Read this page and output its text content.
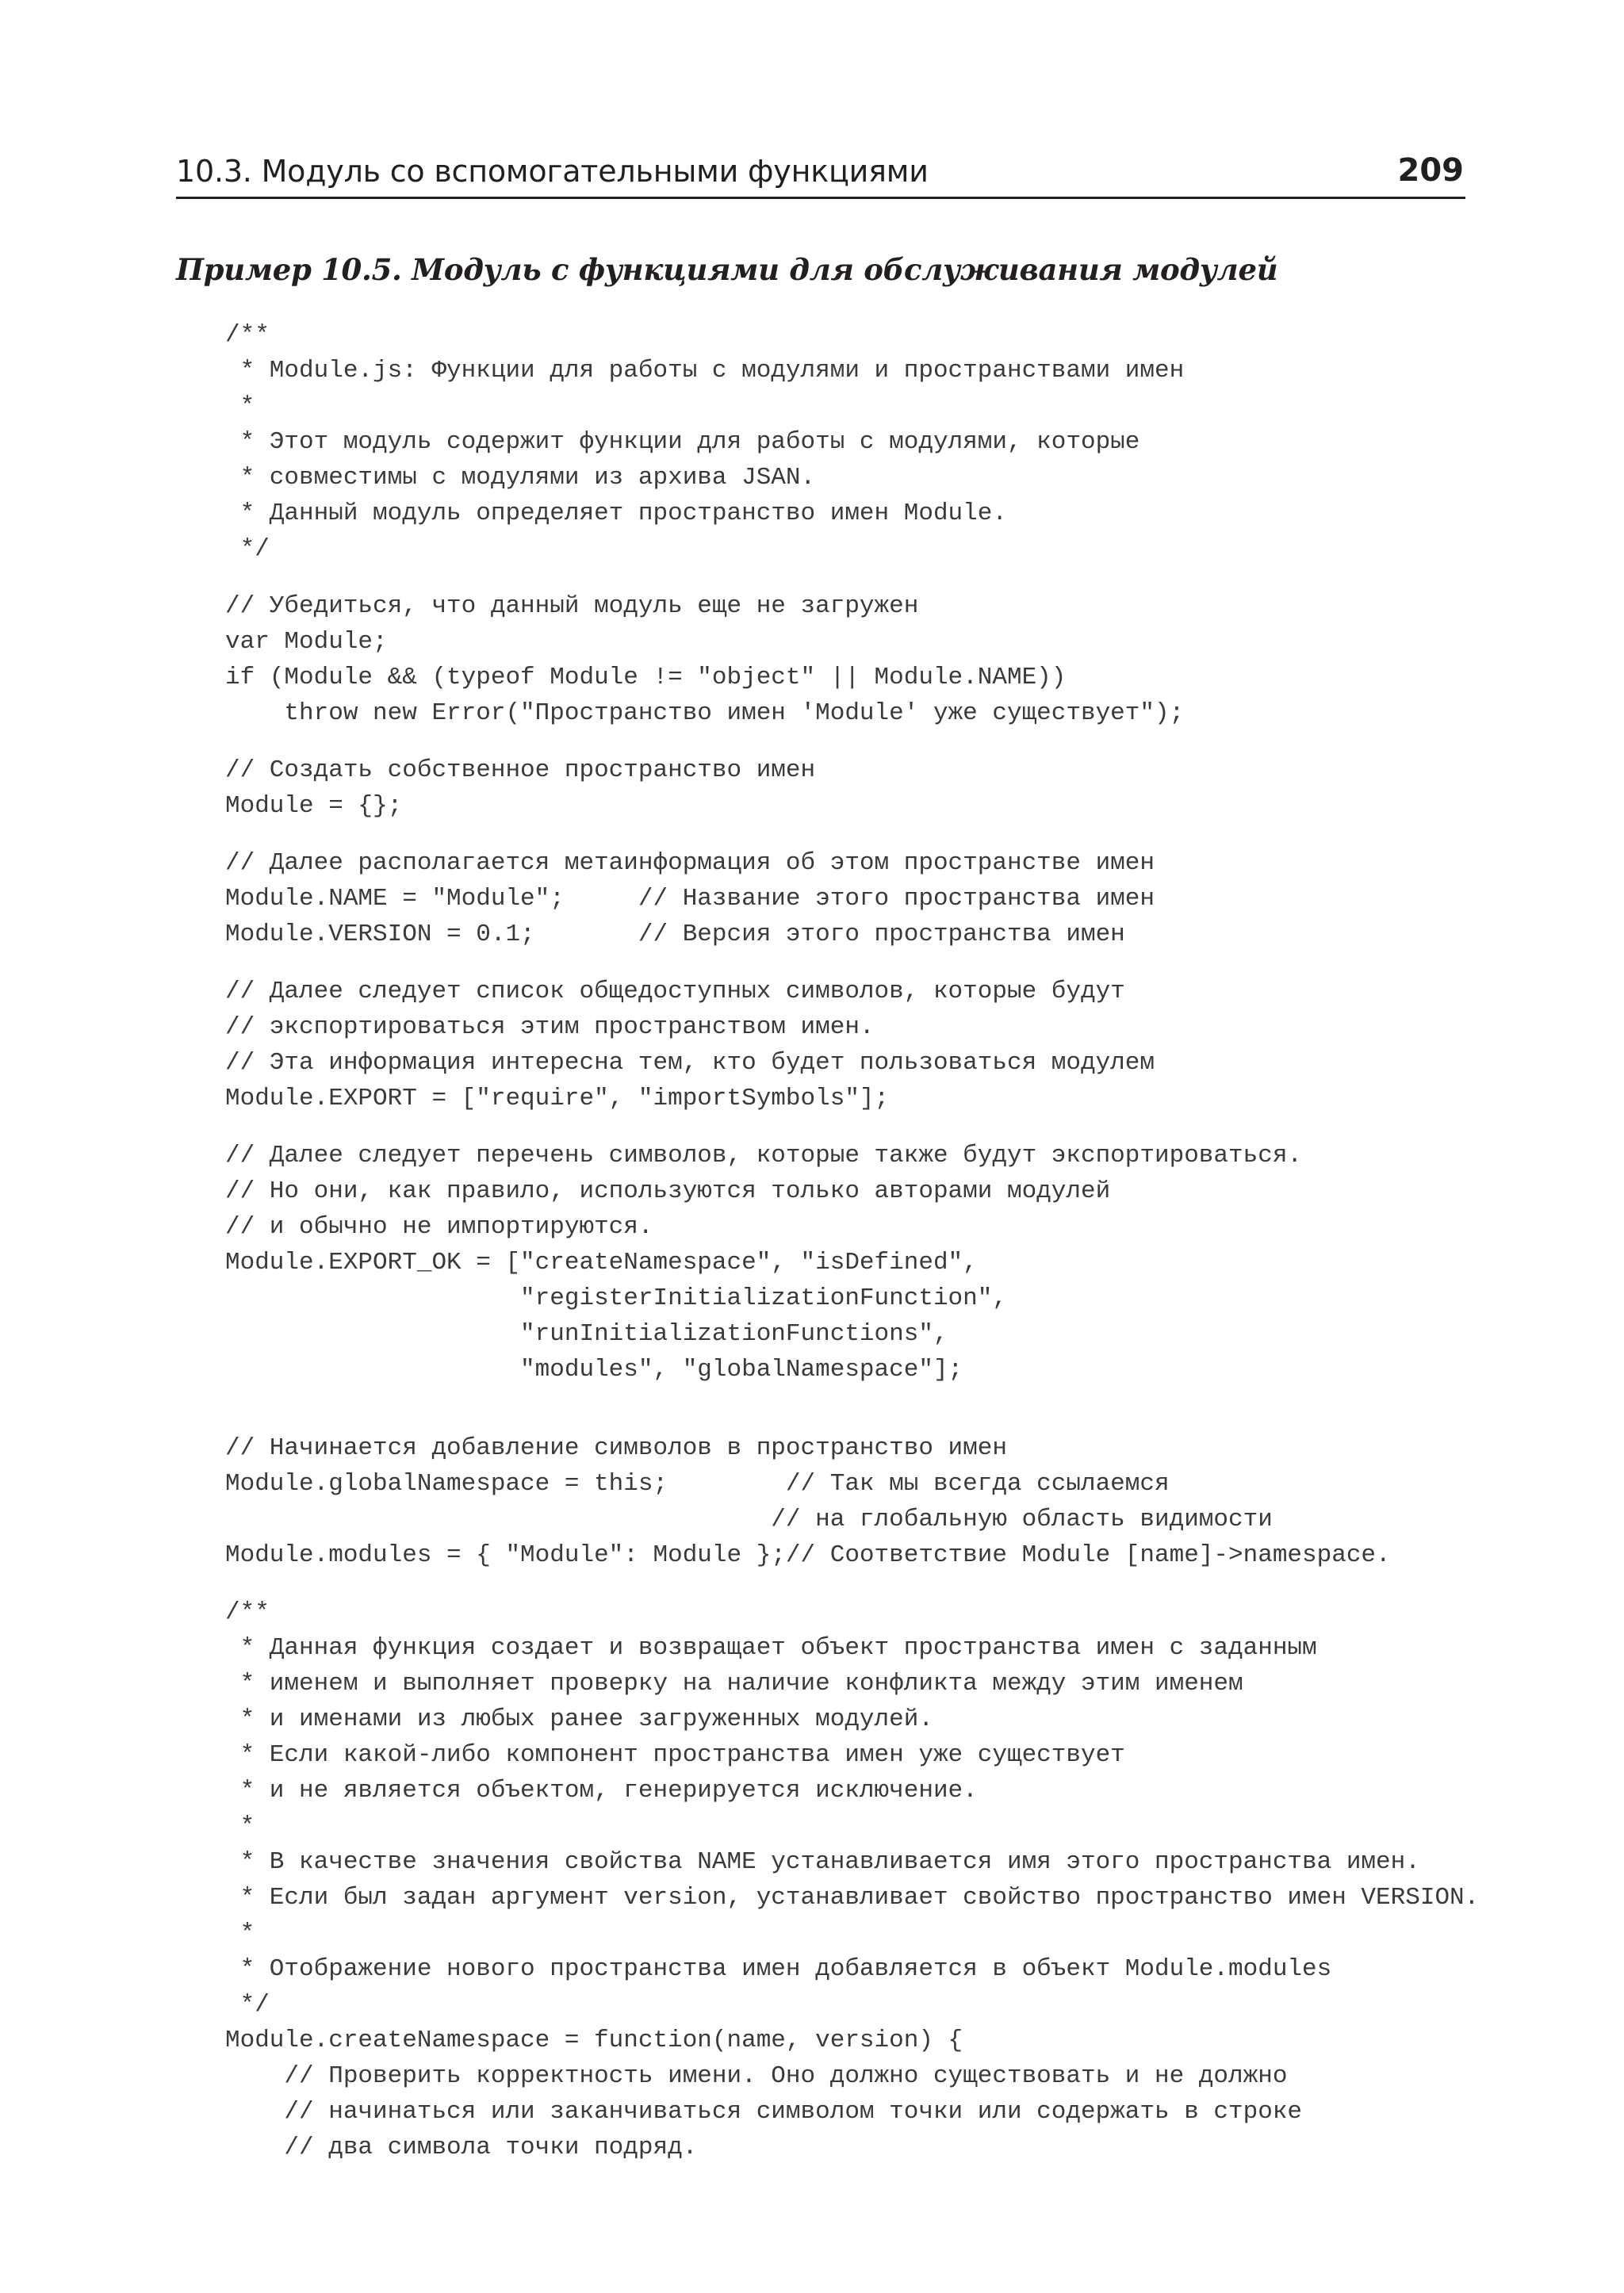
10.3. Модуль со вспомогательными функциями	209
Пример 10.5. Модуль с функциями для обслуживания модулей
/**
* Module.js: Функции для работы с модулями и пространствами имен
*
* Этот модуль содержит функции для работы с модулями, которые
* совместимы с модулями из архива JSAN.
* Данный модуль определяет пространство имен Module.
*/
// Убедиться, что данный модуль еще не загружен
var Module;
if (Module && (typeof Module != "object" || Module.NAME))
throw new Error("Пространство имен 'Module' уже существует");
// Создать собственное пространство имен
Module = {};
// Далее располагается метаинформация об этом пространстве имен
Module.NAME = "Module";     // Название этого пространства имен
Module.VERSION = 0.1;       // Версия этого пространства имен
// Далее следует список общедоступных символов, которые будут
// экспортироваться этим пространством имен.
// Эта информация интересна тем, кто будет пользоваться модулем
Module.EXPORT = ["require", "importSymbols"];
// Далее следует перечень символов, которые также будут экспортироваться.
// Но они, как правило, используются только авторами модулей
// и обычно не импортируются.
Module.EXPORT_OK = ["createNamespace", "isDefined",
"registerInitializationFunction",
"runInitializationFunctions",
"modules", "globalNamespace"];
// Начинается добавление символов в пространство имен
Module.globalNamespace = this;        // Так мы всегда ссылаемся
// на глобальную область видимости
Module.modules = { "Module": Module };// Соответствие Module [name]->namespace.
/**
* Данная функция создает и возвращает объект пространства имен с заданным
* именем и выполняет проверку на наличие конфликта между этим именем
* и именами из любых ранее загруженных модулей.
* Если какой-либо компонент пространства имен уже существует
* и не является объектом, генерируется исключение.
*
* В качестве значения свойства NAME устанавливается имя этого пространства имен.
* Если был задан аргумент version, устанавливает свойство пространство имен VERSION.
*
* Отображение нового пространства имен добавляется в объект Module.modules
*/
Module.createNamespace = function(name, version) {
// Проверить корректность имени. Оно должно существовать и не должно
// начинаться или заканчиваться символом точки или содержать в строке
// два символа точки подряд.
